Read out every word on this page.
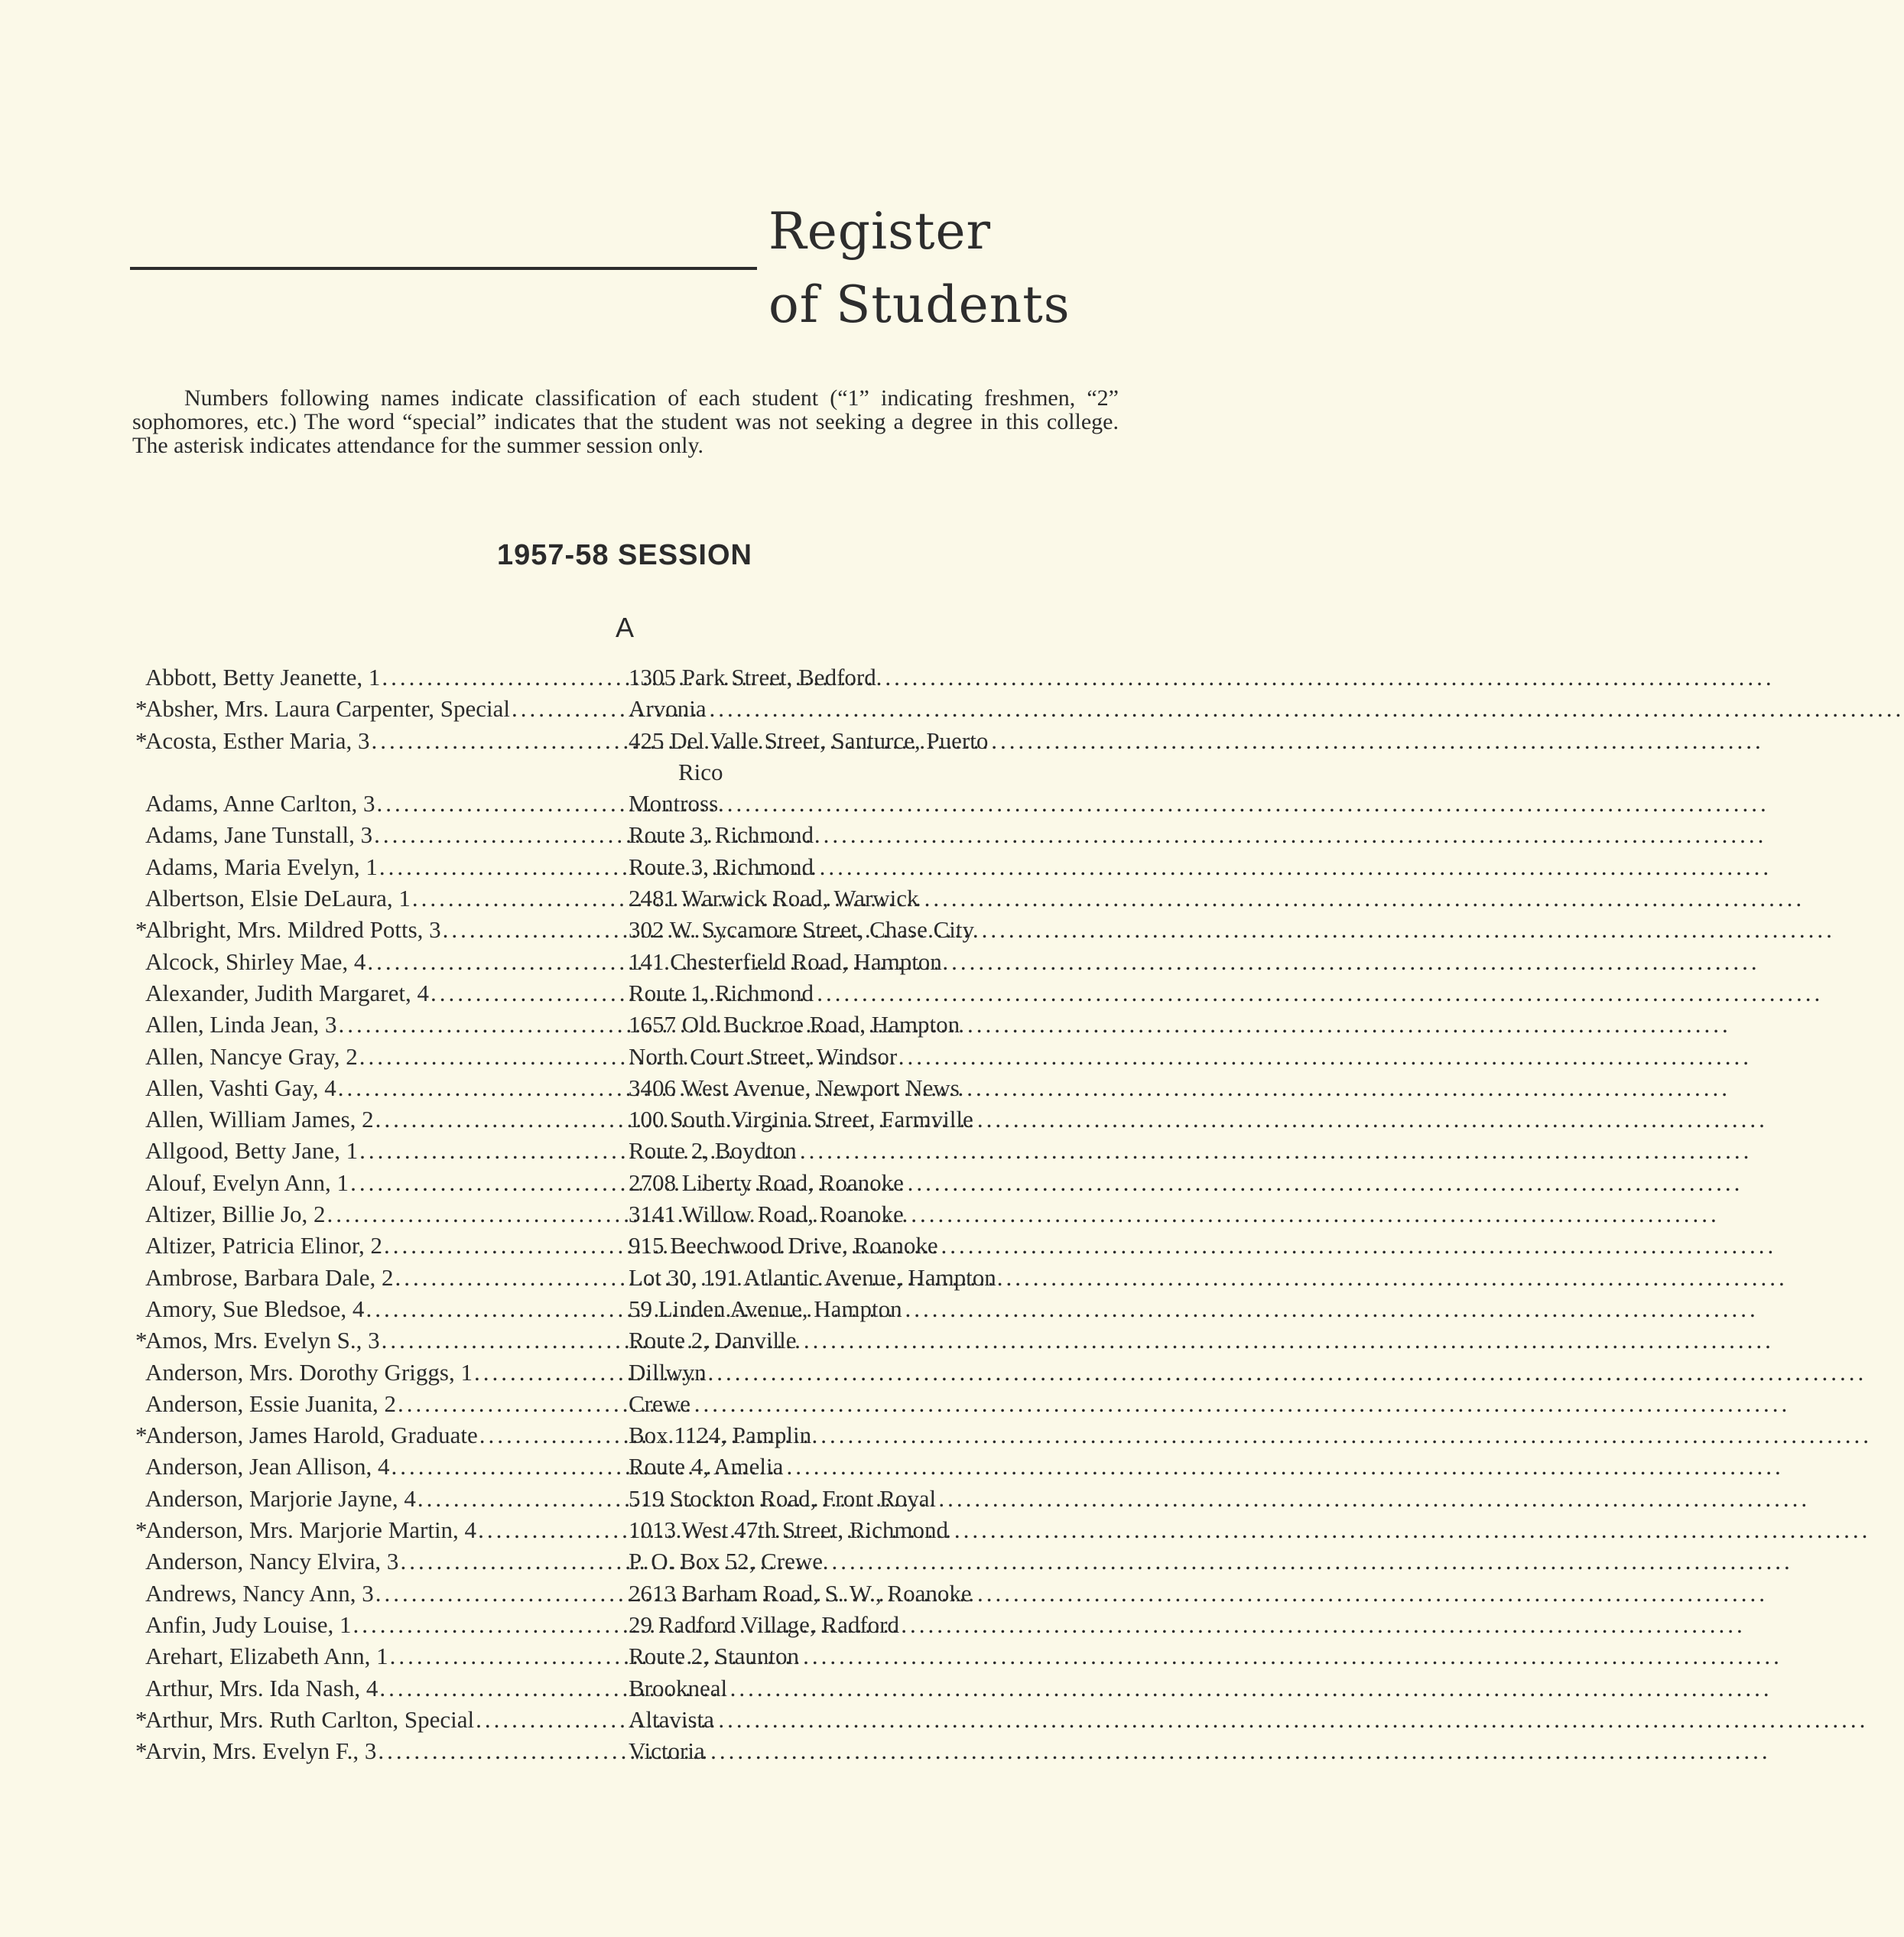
Register
of Students

Numbers following names indicate classification of each student (“1” indicating freshmen, “2” sophomores, etc.) The word “special” indicates that the student was not seeking a degree in this college. The asterisk indicates attendance for the summer session only.

1957-58 SESSION
A
Abbott, Betty Jeanette, 1 .....	1305 Park Street, Bedford
*
Absher, Mrs. Laura Carpenter, Special .....	Arvonia
*
Acosta, Esther Maria, 3 .....	425 Del Valle Street, Santurce, Puerto
Rico
Adams, Anne Carlton, 3 .....	Montross
Adams, Jane Tunstall, 3 .....	Route 3, Richmond
Adams, Maria Evelyn, 1 .....	Route 3, Richmond
Albertson, Elsie DeLaura, 1 .....	2481 Warwick Road, Warwick
*
Albright, Mrs. Mildred Potts, 3 .....	302 W. Sycamore Street, Chase City
Alcock, Shirley Mae, 4 .....	141 Chesterfield Road, Hampton
Alexander, Judith Margaret, 4 .....	Route 1, Richmond
Allen, Linda Jean, 3 .....	1657 Old Buckroe Road, Hampton
Allen, Nancye Gray, 2 .....	North Court Street, Windsor
Allen, Vashti Gay, 4 .....	3406 West Avenue, Newport News
Allen, William James, 2 .....	100 South Virginia Street, Farmville
Allgood, Betty Jane, 1 .....	Route 2, Boydton
Alouf, Evelyn Ann, 1 .....	2708 Liberty Road, Roanoke
Altizer, Billie Jo, 2 .....	3141 Willow Road, Roanoke
Altizer, Patricia Elinor, 2 .....	915 Beechwood Drive, Roanoke
Ambrose, Barbara Dale, 2 .....	Lot 30, 191 Atlantic Avenue, Hampton
Amory, Sue Bledsoe, 4 .....	59 Linden Avenue, Hampton
*
Amos, Mrs. Evelyn S., 3 .....	Route 2, Danville
Anderson, Mrs. Dorothy Griggs, 1 .....	Dillwyn
Anderson, Essie Juanita, 2 .....	Crewe
*
Anderson, James Harold, Graduate .....	Box 1124, Pamplin
Anderson, Jean Allison, 4 .....	Route 4, Amelia
Anderson, Marjorie Jayne, 4 .....	519 Stockton Road, Front Royal
*
Anderson, Mrs. Marjorie Martin, 4 .....	1013 West 47th Street, Richmond
Anderson, Nancy Elvira, 3 .....	P. O. Box 52, Crewe
Andrews, Nancy Ann, 3 .....	2613 Barham Road, S. W., Roanoke
Anfin, Judy Louise, 1 .....	29 Radford Village, Radford
Arehart, Elizabeth Ann, 1 .....	Route 2, Staunton
Arthur, Mrs. Ida Nash, 4 .....	Brookneal
*
Arthur, Mrs. Ruth Carlton, Special .....	Altavista
*
Arvin, Mrs. Evelyn F., 3 .....	Victoria
